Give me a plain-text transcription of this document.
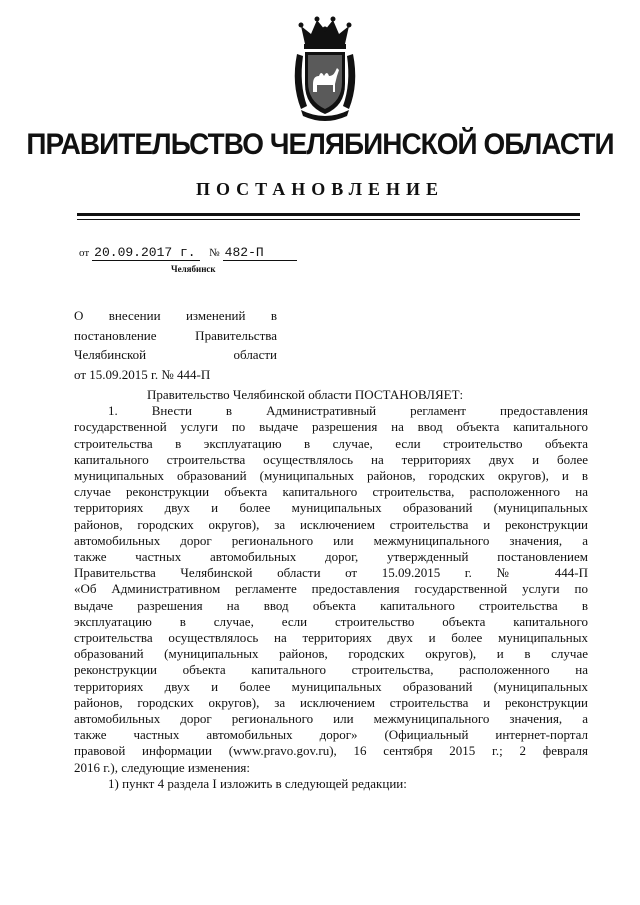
ПРАВИТЕЛЬСТВО ЧЕЛЯБИНСКОЙ ОБЛАСТИ
ПОСТАНОВЛЕНИЕ
от 20.09.2017 г. № 482-П
Челябинск
О внесении изменений в
постановление Правительства
Челябинской области
от 15.09.2015 г. № 444-П
Правительство Челябинской области ПОСТАНОВЛЯЕТ:
1. Внести в Административный регламент предоставления
государственной услуги по выдаче разрешения на ввод объекта капитального
строительства в эксплуатацию в случае, если строительство объекта
капитального строительства осуществлялось на территориях двух и более
муниципальных образований (муниципальных районов, городских округов), и в
случае реконструкции объекта капитального строительства, расположенного на
территориях двух и более муниципальных образований (муниципальных
районов, городских округов), за исключением строительства и реконструкции
автомобильных дорог регионального или межмуниципального значения, а
также частных автомобильных дорог, утвержденный постановлением
Правительства Челябинской области от 15.09.2015 г. № 444-П
«Об Административном регламенте предоставления государственной услуги по
выдаче разрешения на ввод объекта капитального строительства в
эксплуатацию в случае, если строительство объекта капитального
строительства осуществлялось на территориях двух и более муниципальных
образований (муниципальных районов, городских округов), и в случае
реконструкции объекта капитального строительства, расположенного на
территориях двух и более муниципальных образований (муниципальных
районов, городских округов), за исключением строительства и реконструкции
автомобильных дорог регионального или межмуниципального значения, а
также частных автомобильных дорог» (Официальный интернет-портал
правовой информации (www.pravo.gov.ru), 16 сентября 2015 г.; 2 февраля
2016 г.), следующие изменения:
1) пункт 4 раздела I изложить в следующей редакции:
